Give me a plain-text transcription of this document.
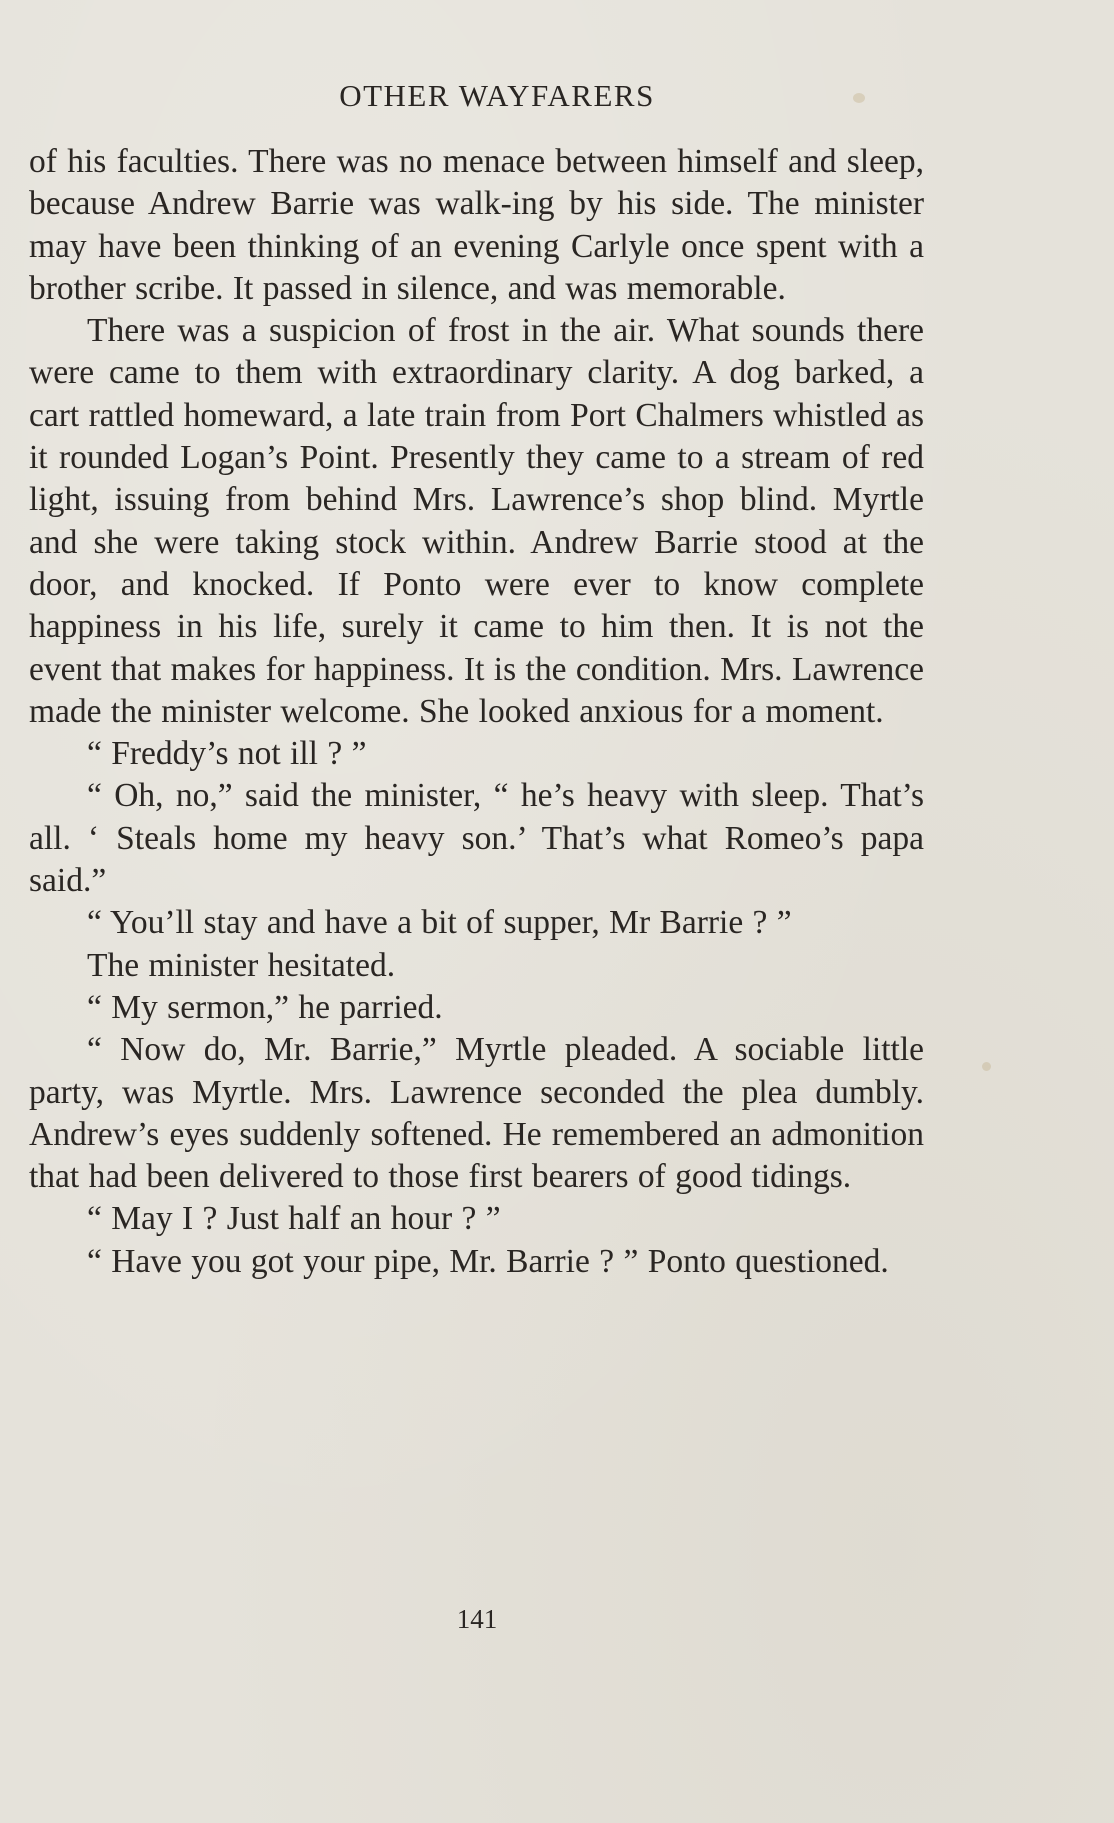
OTHER WAYFARERS

of his faculties. There was no menace between himself and sleep, because Andrew Barrie was walk-ing by his side. The minister may have been thinking of an evening Carlyle once spent with a brother scribe. It passed in silence, and was memorable.

There was a suspicion of frost in the air. What sounds there were came to them with extraordinary clarity. A dog barked, a cart rattled homeward, a late train from Port Chalmers whistled as it rounded Logan’s Point. Presently they came to a stream of red light, issuing from behind Mrs. Lawrence’s shop blind. Myrtle and she were taking stock within. Andrew Barrie stood at the door, and knocked. If Ponto were ever to know complete happiness in his life, surely it came to him then. It is not the event that makes for happiness. It is the condition. Mrs. Lawrence made the minister welcome. She looked anxious for a moment.

“ Freddy’s not ill ? ”

“ Oh, no,” said the minister, “ he’s heavy with sleep. That’s all. ‘ Steals home my heavy son.’ That’s what Romeo’s papa said.”

“ You’ll stay and have a bit of supper, Mr Barrie ? ”

The minister hesitated.

“ My sermon,” he parried.

“ Now do, Mr. Barrie,” Myrtle pleaded. A sociable little party, was Myrtle. Mrs. Lawrence seconded the plea dumbly. Andrew’s eyes suddenly softened. He remembered an admonition that had been delivered to those first bearers of good tidings.

“ May I ? Just half an hour ? ”

“ Have you got your pipe, Mr. Barrie ? ” Ponto questioned.

141
